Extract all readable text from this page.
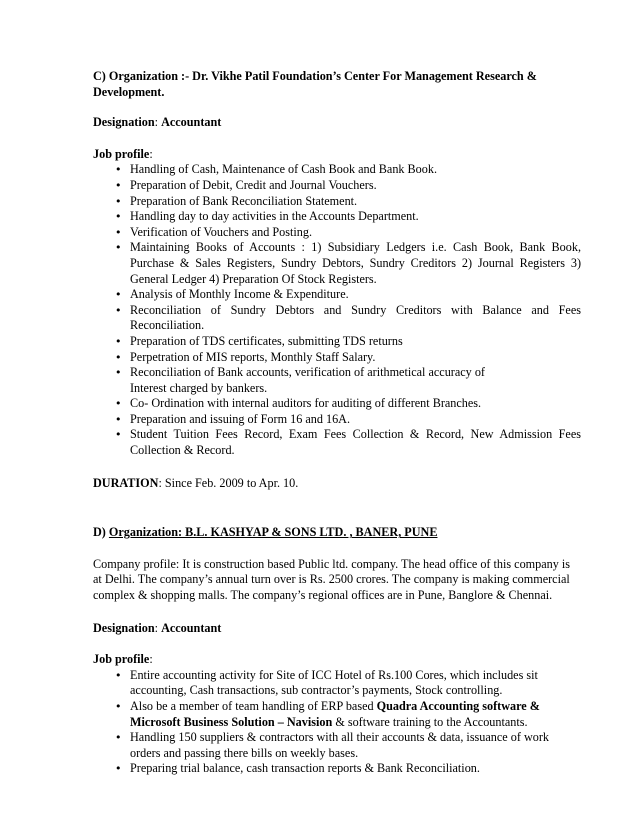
C) Organization :- Dr. Vikhe Patil Foundation’s Center For Management Research & Development.

Designation: Accountant

Job profile:

• Handling of Cash, Maintenance of Cash Book and Bank Book.
• Preparation of Debit, Credit and Journal Vouchers.
• Preparation of Bank Reconciliation Statement.
• Handling day to day activities in the Accounts Department.
• Verification of Vouchers and Posting.
• Maintaining Books of Accounts : 1) Subsidiary Ledgers i.e. Cash Book, Bank Book, Purchase & Sales Registers, Sundry Debtors, Sundry Creditors 2) Journal Registers 3) General Ledger 4) Preparation Of Stock Registers.
• Analysis of Monthly Income & Expenditure.
• Reconciliation of Sundry Debtors and Sundry Creditors with Balance and Fees Reconciliation.
• Preparation of TDS certificates, submitting TDS returns
• Perpetration of MIS reports, Monthly Staff Salary.
• Reconciliation of Bank accounts, verification of arithmetical accuracy of Interest charged by bankers.
• Co- Ordination with internal auditors for auditing of different Branches.
• Preparation and issuing of Form 16 and 16A.
• Student Tuition Fees Record, Exam Fees Collection & Record, New Admission Fees Collection & Record.

DURATION: Since Feb. 2009 to Apr. 10.

D) Organization: B.L. KASHYAP & SONS LTD. , BANER, PUNE

Company profile: It is construction based Public ltd. company. The head office of this company is at Delhi. The company’s annual turn over is Rs. 2500 crores. The company is making commercial complex & shopping malls. The company’s regional offices are in Pune, Banglore & Chennai.

Designation: Accountant

Job profile:

• Entire accounting activity for Site of ICC Hotel of Rs.100 Cores, which includes sit accounting, Cash transactions, sub contractor’s payments, Stock controlling.
• Also be a member of team handling of ERP based Quadra Accounting software & Microsoft Business Solution – Navision & software training to the Accountants.
• Handling 150 suppliers & contractors with all their accounts & data, issuance of work orders and passing there bills on weekly bases.
• Preparing trial balance, cash transaction reports & Bank Reconciliation.
